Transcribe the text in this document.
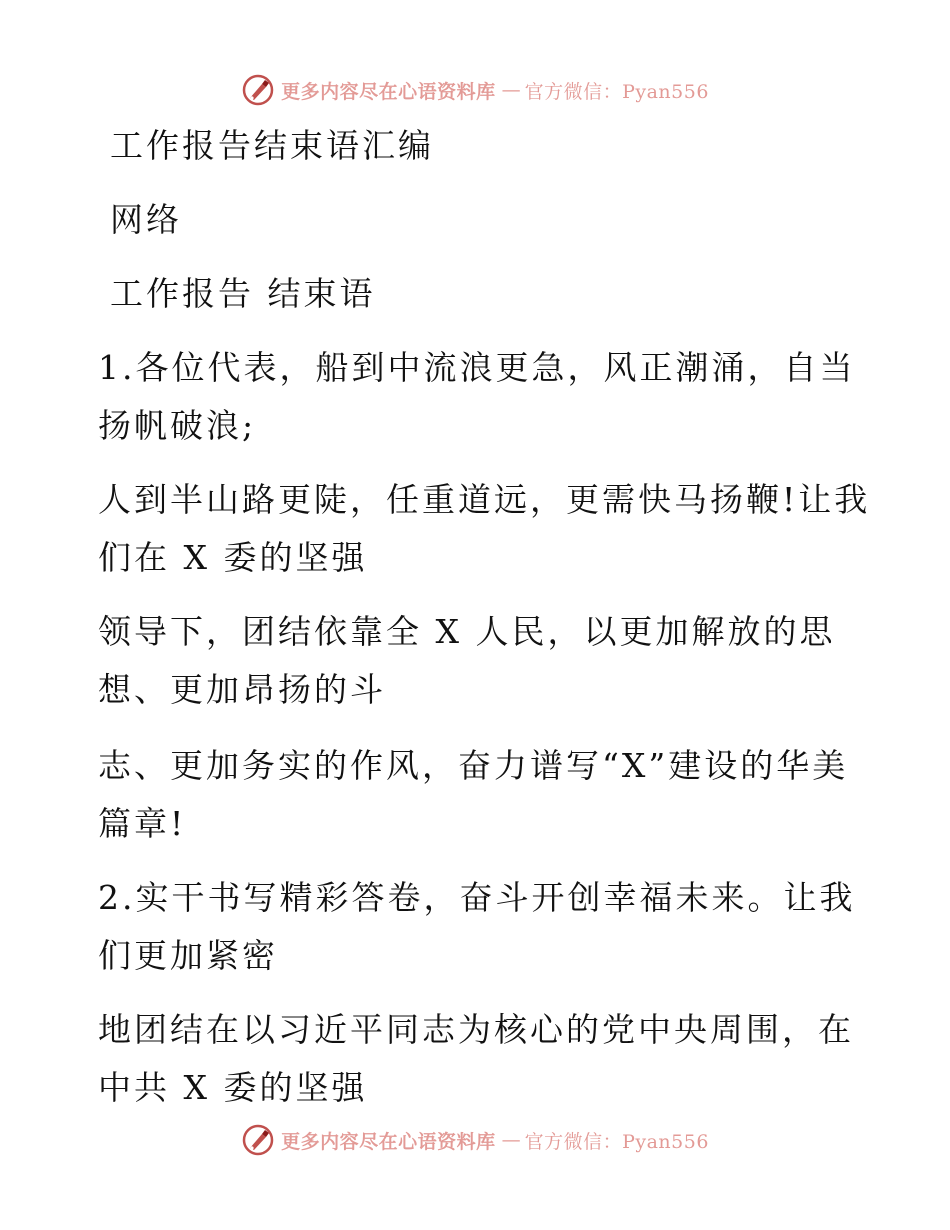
更多内容尽在心语资料库 — 官方微信：Pyan556

工作报告结束语汇编

网络

工作报告 结束语

1.各位代表，船到中流浪更急，风正潮涌，自当

扬帆破浪;

人到半山路更陡，任重道远，更需快马扬鞭!让我

们在 X 委的坚强

领导下，团结依靠全 X 人民，以更加解放的思

想、更加昂扬的斗

志、更加务实的作风，奋力谱写“X”建设的华美

篇章!

2.实干书写精彩答卷，奋斗开创幸福未来。让我

们更加紧密

地团结在以习近平同志为核心的党中央周围，在

中共 X 委的坚强

更多内容尽在心语资料库 — 官方微信：Pyan556
